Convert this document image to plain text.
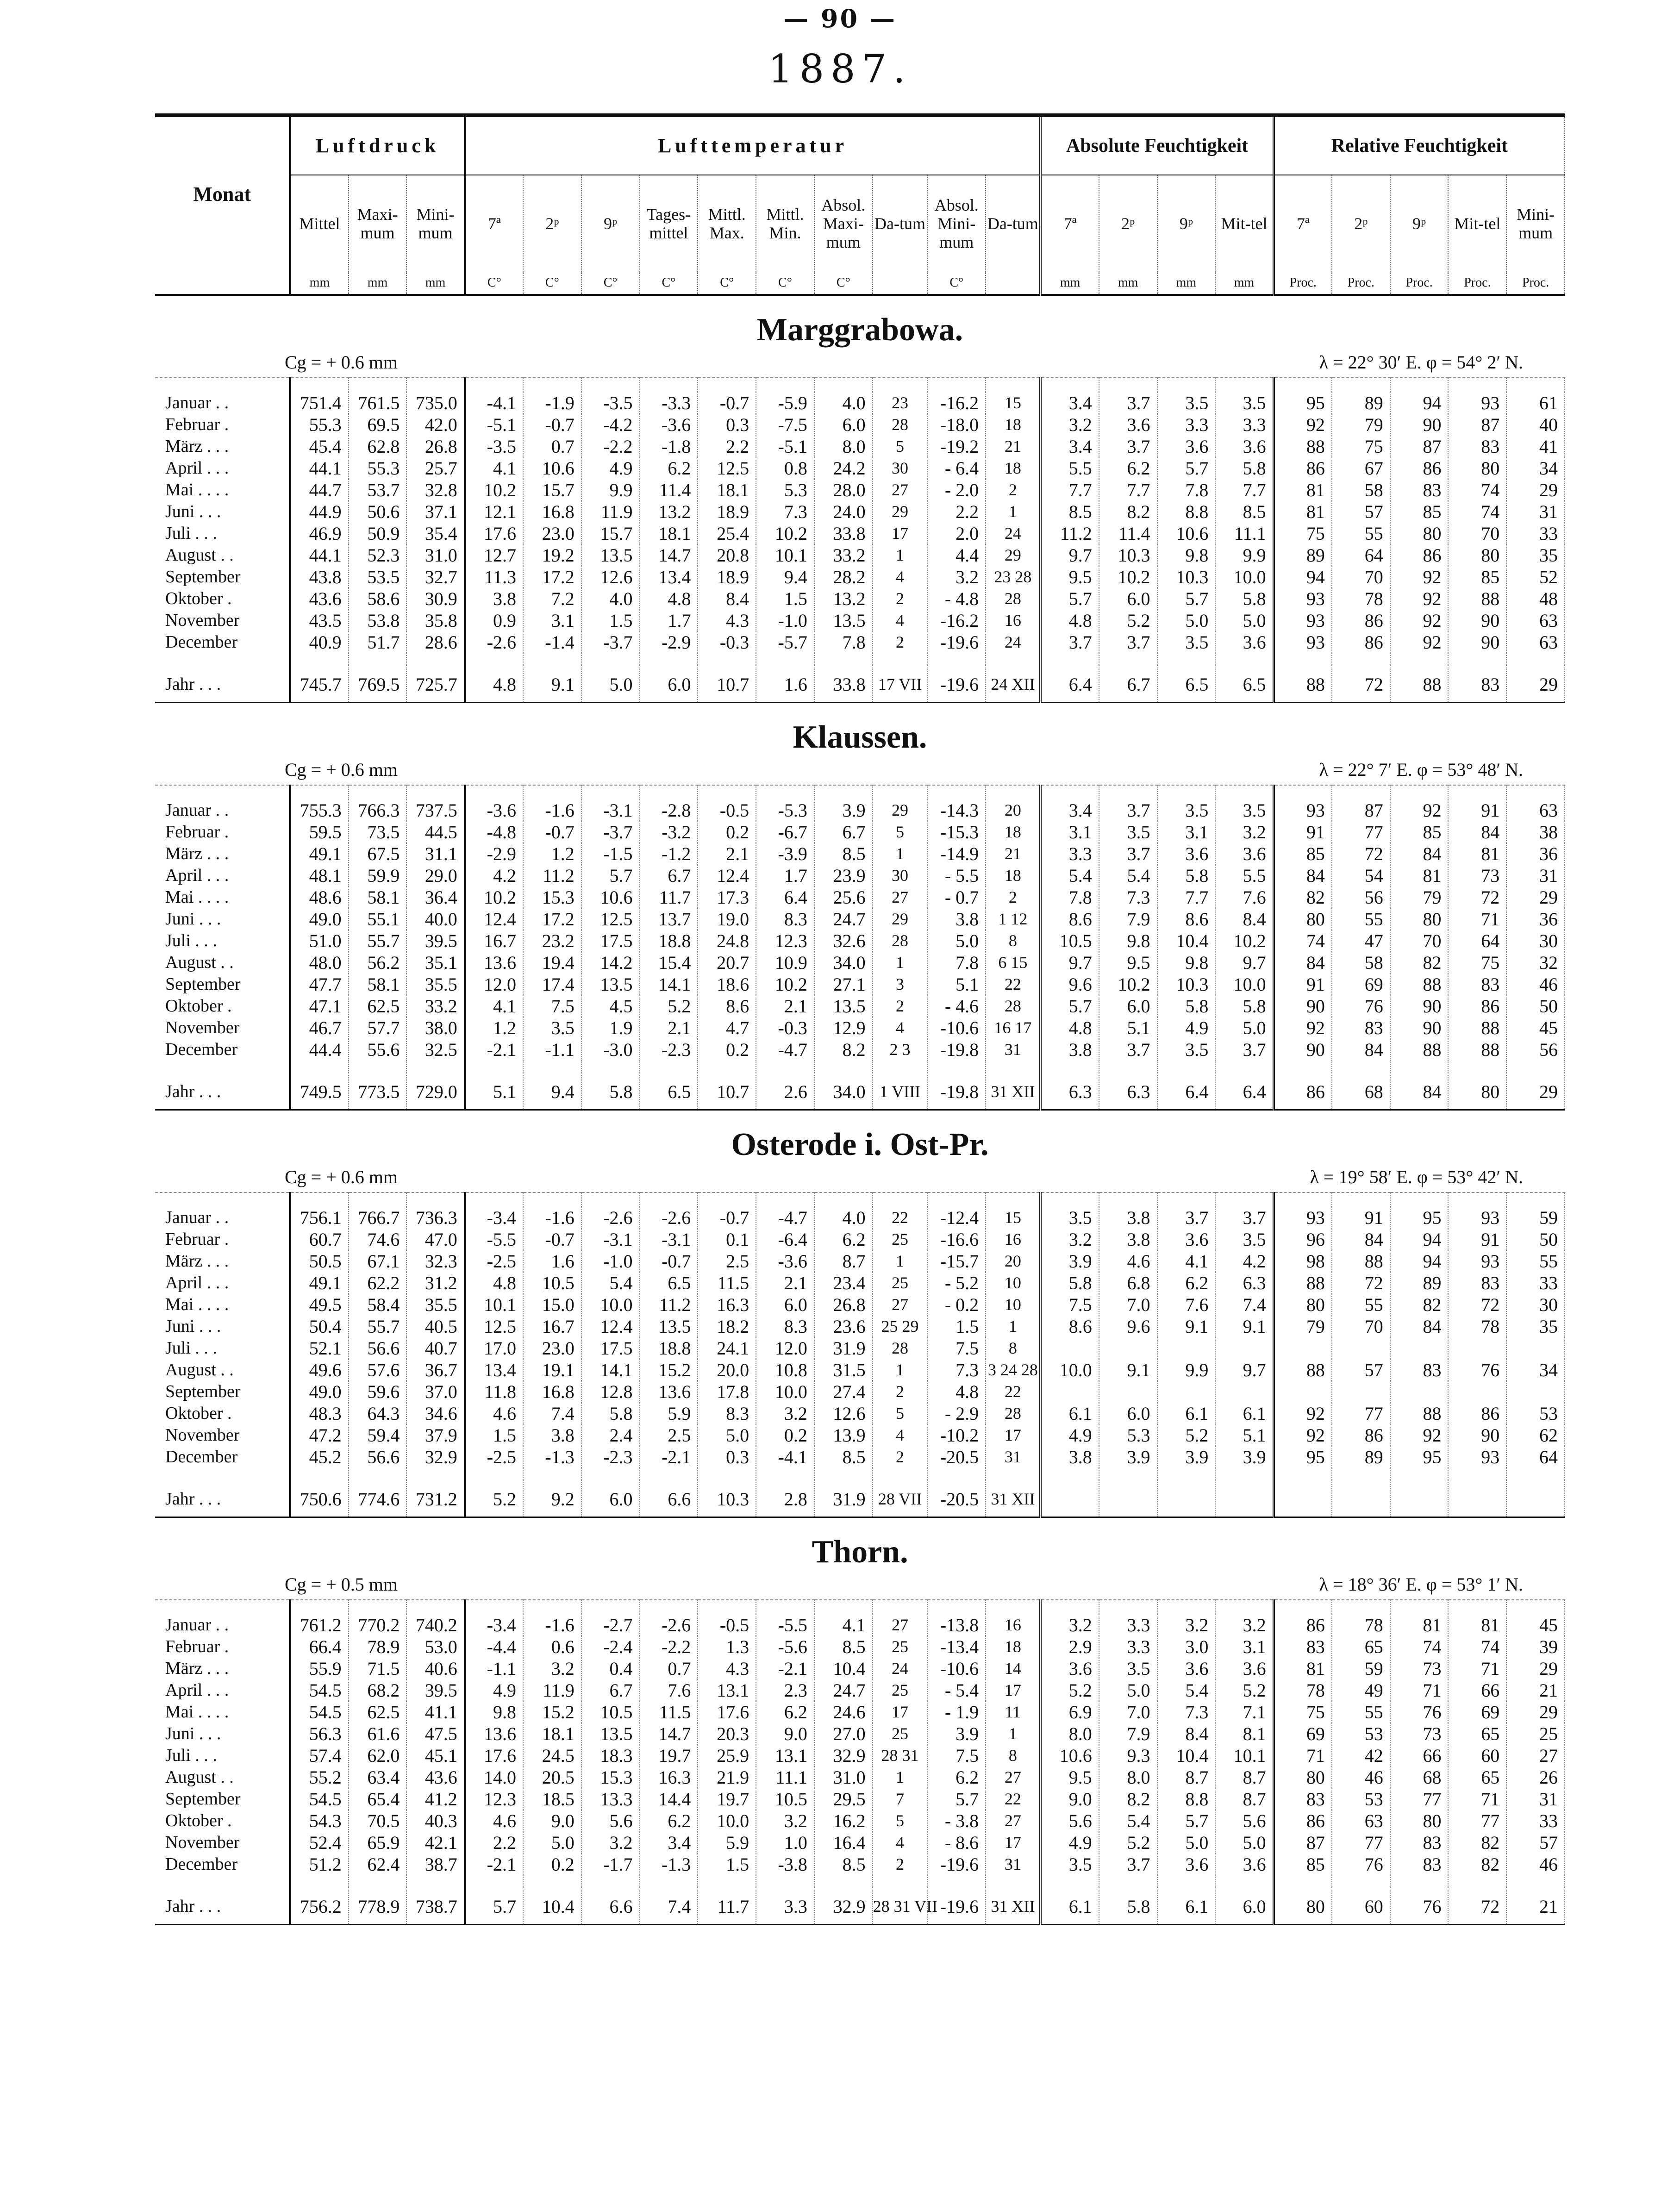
— 90 —
1887.
Monat	Luftdruck			Lufttemperatur										Absolute Feuchtigkeit				Relative Feuchtigkeit				
	Mittel	Maxi-mum	Mini-mum	7ª	2ᵖ	9ᵖ	Tages-mittel	Mittl. Max.	Mittl. Min.	Absol. Maxi-mum	Da-tum	Absol. Mini-mum	Da-tum	7ª	2ᵖ	9ᵖ	Mit-tel	7ª	2ᵖ	9ᵖ	Mit-tel	Mini-mum
	mm	mm	mm	C°	C°	C°	C°	C°	C°	C°		C°		mm	mm	mm	mm	Proc.	Proc.	Proc.	Proc.	Proc.

Marggrabowa.
Cg = + 0.6 mm λ = 22° 30′ E. φ = 54° 2′ N.																						

Januar . .	751.4	761.5	735.0	-4.1	-1.9	-3.5	-3.3	-0.7	-5.9	4.0	23	-16.2	15	3.4	3.7	3.5	3.5	95	89	94	93	61
Februar .	55.3	69.5	42.0	-5.1	-0.7	-4.2	-3.6	0.3	-7.5	6.0	28	-18.0	18	3.2	3.6	3.3	3.3	92	79	90	87	40
März . . .	45.4	62.8	26.8	-3.5	0.7	-2.2	-1.8	2.2	-5.1	8.0	5	-19.2	21	3.4	3.7	3.6	3.6	88	75	87	83	41
April . . .	44.1	55.3	25.7	4.1	10.6	4.9	6.2	12.5	0.8	24.2	30	- 6.4	18	5.5	6.2	5.7	5.8	86	67	86	80	34
Mai . . . .	44.7	53.7	32.8	10.2	15.7	9.9	11.4	18.1	5.3	28.0	27	- 2.0	2	7.7	7.7	7.8	7.7	81	58	83	74	29
Juni . . .	44.9	50.6	37.1	12.1	16.8	11.9	13.2	18.9	7.3	24.0	29	2.2	1	8.5	8.2	8.8	8.5	81	57	85	74	31
Juli . . .	46.9	50.9	35.4	17.6	23.0	15.7	18.1	25.4	10.2	33.8	17	2.0	24	11.2	11.4	10.6	11.1	75	55	80	70	33
August . .	44.1	52.3	31.0	12.7	19.2	13.5	14.7	20.8	10.1	33.2	1	4.4	29	9.7	10.3	9.8	9.9	89	64	86	80	35
September	43.8	53.5	32.7	11.3	17.2	12.6	13.4	18.9	9.4	28.2	4	3.2	23 28	9.5	10.2	10.3	10.0	94	70	92	85	52
Oktober .	43.6	58.6	30.9	3.8	7.2	4.0	4.8	8.4	1.5	13.2	2	- 4.8	28	5.7	6.0	5.7	5.8	93	78	92	88	48
November	43.5	53.8	35.8	0.9	3.1	1.5	1.7	4.3	-1.0	13.5	4	-16.2	16	4.8	5.2	5.0	5.0	93	86	92	90	63
December	40.9	51.7	28.6	-2.6	-1.4	-3.7	-2.9	-0.3	-5.7	7.8	2	-19.6	24	3.7	3.7	3.5	3.6	93	86	92	90	63

Jahr . . .	745.7	769.5	725.7	4.8	9.1	5.0	6.0	10.7	1.6	33.8	17 VII	-19.6	24 XII	6.4	6.7	6.5	6.5	88	72	88	83	29

Klaussen.
Cg = + 0.6 mm λ = 22° 7′ E. φ = 53° 48′ N.																						

Januar . .	755.3	766.3	737.5	-3.6	-1.6	-3.1	-2.8	-0.5	-5.3	3.9	29	-14.3	20	3.4	3.7	3.5	3.5	93	87	92	91	63
Februar .	59.5	73.5	44.5	-4.8	-0.7	-3.7	-3.2	0.2	-6.7	6.7	5	-15.3	18	3.1	3.5	3.1	3.2	91	77	85	84	38
März . . .	49.1	67.5	31.1	-2.9	1.2	-1.5	-1.2	2.1	-3.9	8.5	1	-14.9	21	3.3	3.7	3.6	3.6	85	72	84	81	36
April . . .	48.1	59.9	29.0	4.2	11.2	5.7	6.7	12.4	1.7	23.9	30	- 5.5	18	5.4	5.4	5.8	5.5	84	54	81	73	31
Mai . . . .	48.6	58.1	36.4	10.2	15.3	10.6	11.7	17.3	6.4	25.6	27	- 0.7	2	7.8	7.3	7.7	7.6	82	56	79	72	29
Juni . . .	49.0	55.1	40.0	12.4	17.2	12.5	13.7	19.0	8.3	24.7	29	3.8	1 12	8.6	7.9	8.6	8.4	80	55	80	71	36
Juli . . .	51.0	55.7	39.5	16.7	23.2	17.5	18.8	24.8	12.3	32.6	28	5.0	8	10.5	9.8	10.4	10.2	74	47	70	64	30
August . .	48.0	56.2	35.1	13.6	19.4	14.2	15.4	20.7	10.9	34.0	1	7.8	6 15	9.7	9.5	9.8	9.7	84	58	82	75	32
September	47.7	58.1	35.5	12.0	17.4	13.5	14.1	18.6	10.2	27.1	3	5.1	22	9.6	10.2	10.3	10.0	91	69	88	83	46
Oktober .	47.1	62.5	33.2	4.1	7.5	4.5	5.2	8.6	2.1	13.5	2	- 4.6	28	5.7	6.0	5.8	5.8	90	76	90	86	50
November	46.7	57.7	38.0	1.2	3.5	1.9	2.1	4.7	-0.3	12.9	4	-10.6	16 17	4.8	5.1	4.9	5.0	92	83	90	88	45
December	44.4	55.6	32.5	-2.1	-1.1	-3.0	-2.3	0.2	-4.7	8.2	2 3	-19.8	31	3.8	3.7	3.5	3.7	90	84	88	88	56

Jahr . . .	749.5	773.5	729.0	5.1	9.4	5.8	6.5	10.7	2.6	34.0	1 VIII	-19.8	31 XII	6.3	6.3	6.4	6.4	86	68	84	80	29

Osterode i. Ost-Pr.
Cg = + 0.6 mm λ = 19° 58′ E. φ = 53° 42′ N.																						

Januar . .	756.1	766.7	736.3	-3.4	-1.6	-2.6	-2.6	-0.7	-4.7	4.0	22	-12.4	15	3.5	3.8	3.7	3.7	93	91	95	93	59
Februar .	60.7	74.6	47.0	-5.5	-0.7	-3.1	-3.1	0.1	-6.4	6.2	25	-16.6	16	3.2	3.8	3.6	3.5	96	84	94	91	50
März . . .	50.5	67.1	32.3	-2.5	1.6	-1.0	-0.7	2.5	-3.6	8.7	1	-15.7	20	3.9	4.6	4.1	4.2	98	88	94	93	55
April . . .	49.1	62.2	31.2	4.8	10.5	5.4	6.5	11.5	2.1	23.4	25	- 5.2	10	5.8	6.8	6.2	6.3	88	72	89	83	33
Mai . . . .	49.5	58.4	35.5	10.1	15.0	10.0	11.2	16.3	6.0	26.8	27	- 0.2	10	7.5	7.0	7.6	7.4	80	55	82	72	30
Juni . . .	50.4	55.7	40.5	12.5	16.7	12.4	13.5	18.2	8.3	23.6	25 29	1.5	1	8.6	9.6	9.1	9.1	79	70	84	78	35
Juli . . .	52.1	56.6	40.7	17.0	23.0	17.5	18.8	24.1	12.0	31.9	28	7.5	8									
August . .	49.6	57.6	36.7	13.4	19.1	14.1	15.2	20.0	10.8	31.5	1	7.3	3 24 28	10.0	9.1	9.9	9.7	88	57	83	76	34
September	49.0	59.6	37.0	11.8	16.8	12.8	13.6	17.8	10.0	27.4	2	4.8	22									
Oktober .	48.3	64.3	34.6	4.6	7.4	5.8	5.9	8.3	3.2	12.6	5	- 2.9	28	6.1	6.0	6.1	6.1	92	77	88	86	53
November	47.2	59.4	37.9	1.5	3.8	2.4	2.5	5.0	0.2	13.9	4	-10.2	17	4.9	5.3	5.2	5.1	92	86	92	90	62
December	45.2	56.6	32.9	-2.5	-1.3	-2.3	-2.1	0.3	-4.1	8.5	2	-20.5	31	3.8	3.9	3.9	3.9	95	89	95	93	64

Jahr . . .	750.6	774.6	731.2	5.2	9.2	6.0	6.6	10.3	2.8	31.9	28 VII	-20.5	31 XII									

Thorn.
Cg = + 0.5 mm λ = 18° 36′ E. φ = 53° 1′ N.																						

Januar . .	761.2	770.2	740.2	-3.4	-1.6	-2.7	-2.6	-0.5	-5.5	4.1	27	-13.8	16	3.2	3.3	3.2	3.2	86	78	81	81	45
Februar .	66.4	78.9	53.0	-4.4	0.6	-2.4	-2.2	1.3	-5.6	8.5	25	-13.4	18	2.9	3.3	3.0	3.1	83	65	74	74	39
März . . .	55.9	71.5	40.6	-1.1	3.2	0.4	0.7	4.3	-2.1	10.4	24	-10.6	14	3.6	3.5	3.6	3.6	81	59	73	71	29
April . . .	54.5	68.2	39.5	4.9	11.9	6.7	7.6	13.1	2.3	24.7	25	- 5.4	17	5.2	5.0	5.4	5.2	78	49	71	66	21
Mai . . . .	54.5	62.5	41.1	9.8	15.2	10.5	11.5	17.6	6.2	24.6	17	- 1.9	11	6.9	7.0	7.3	7.1	75	55	76	69	29
Juni . . .	56.3	61.6	47.5	13.6	18.1	13.5	14.7	20.3	9.0	27.0	25	3.9	1	8.0	7.9	8.4	8.1	69	53	73	65	25
Juli . . .	57.4	62.0	45.1	17.6	24.5	18.3	19.7	25.9	13.1	32.9	28 31	7.5	8	10.6	9.3	10.4	10.1	71	42	66	60	27
August . .	55.2	63.4	43.6	14.0	20.5	15.3	16.3	21.9	11.1	31.0	1	6.2	27	9.5	8.0	8.7	8.7	80	46	68	65	26
September	54.5	65.4	41.2	12.3	18.5	13.3	14.4	19.7	10.5	29.5	7	5.7	22	9.0	8.2	8.8	8.7	83	53	77	71	31
Oktober .	54.3	70.5	40.3	4.6	9.0	5.6	6.2	10.0	3.2	16.2	5	- 3.8	27	5.6	5.4	5.7	5.6	86	63	80	77	33
November	52.4	65.9	42.1	2.2	5.0	3.2	3.4	5.9	1.0	16.4	4	- 8.6	17	4.9	5.2	5.0	5.0	87	77	83	82	57
December	51.2	62.4	38.7	-2.1	0.2	-1.7	-1.3	1.5	-3.8	8.5	2	-19.6	31	3.5	3.7	3.6	3.6	85	76	83	82	46

Jahr . . .	756.2	778.9	738.7	5.7	10.4	6.6	7.4	11.7	3.3	32.9	28 31 VII	-19.6	31 XII	6.1	5.8	6.1	6.0	80	60	76	72	21
